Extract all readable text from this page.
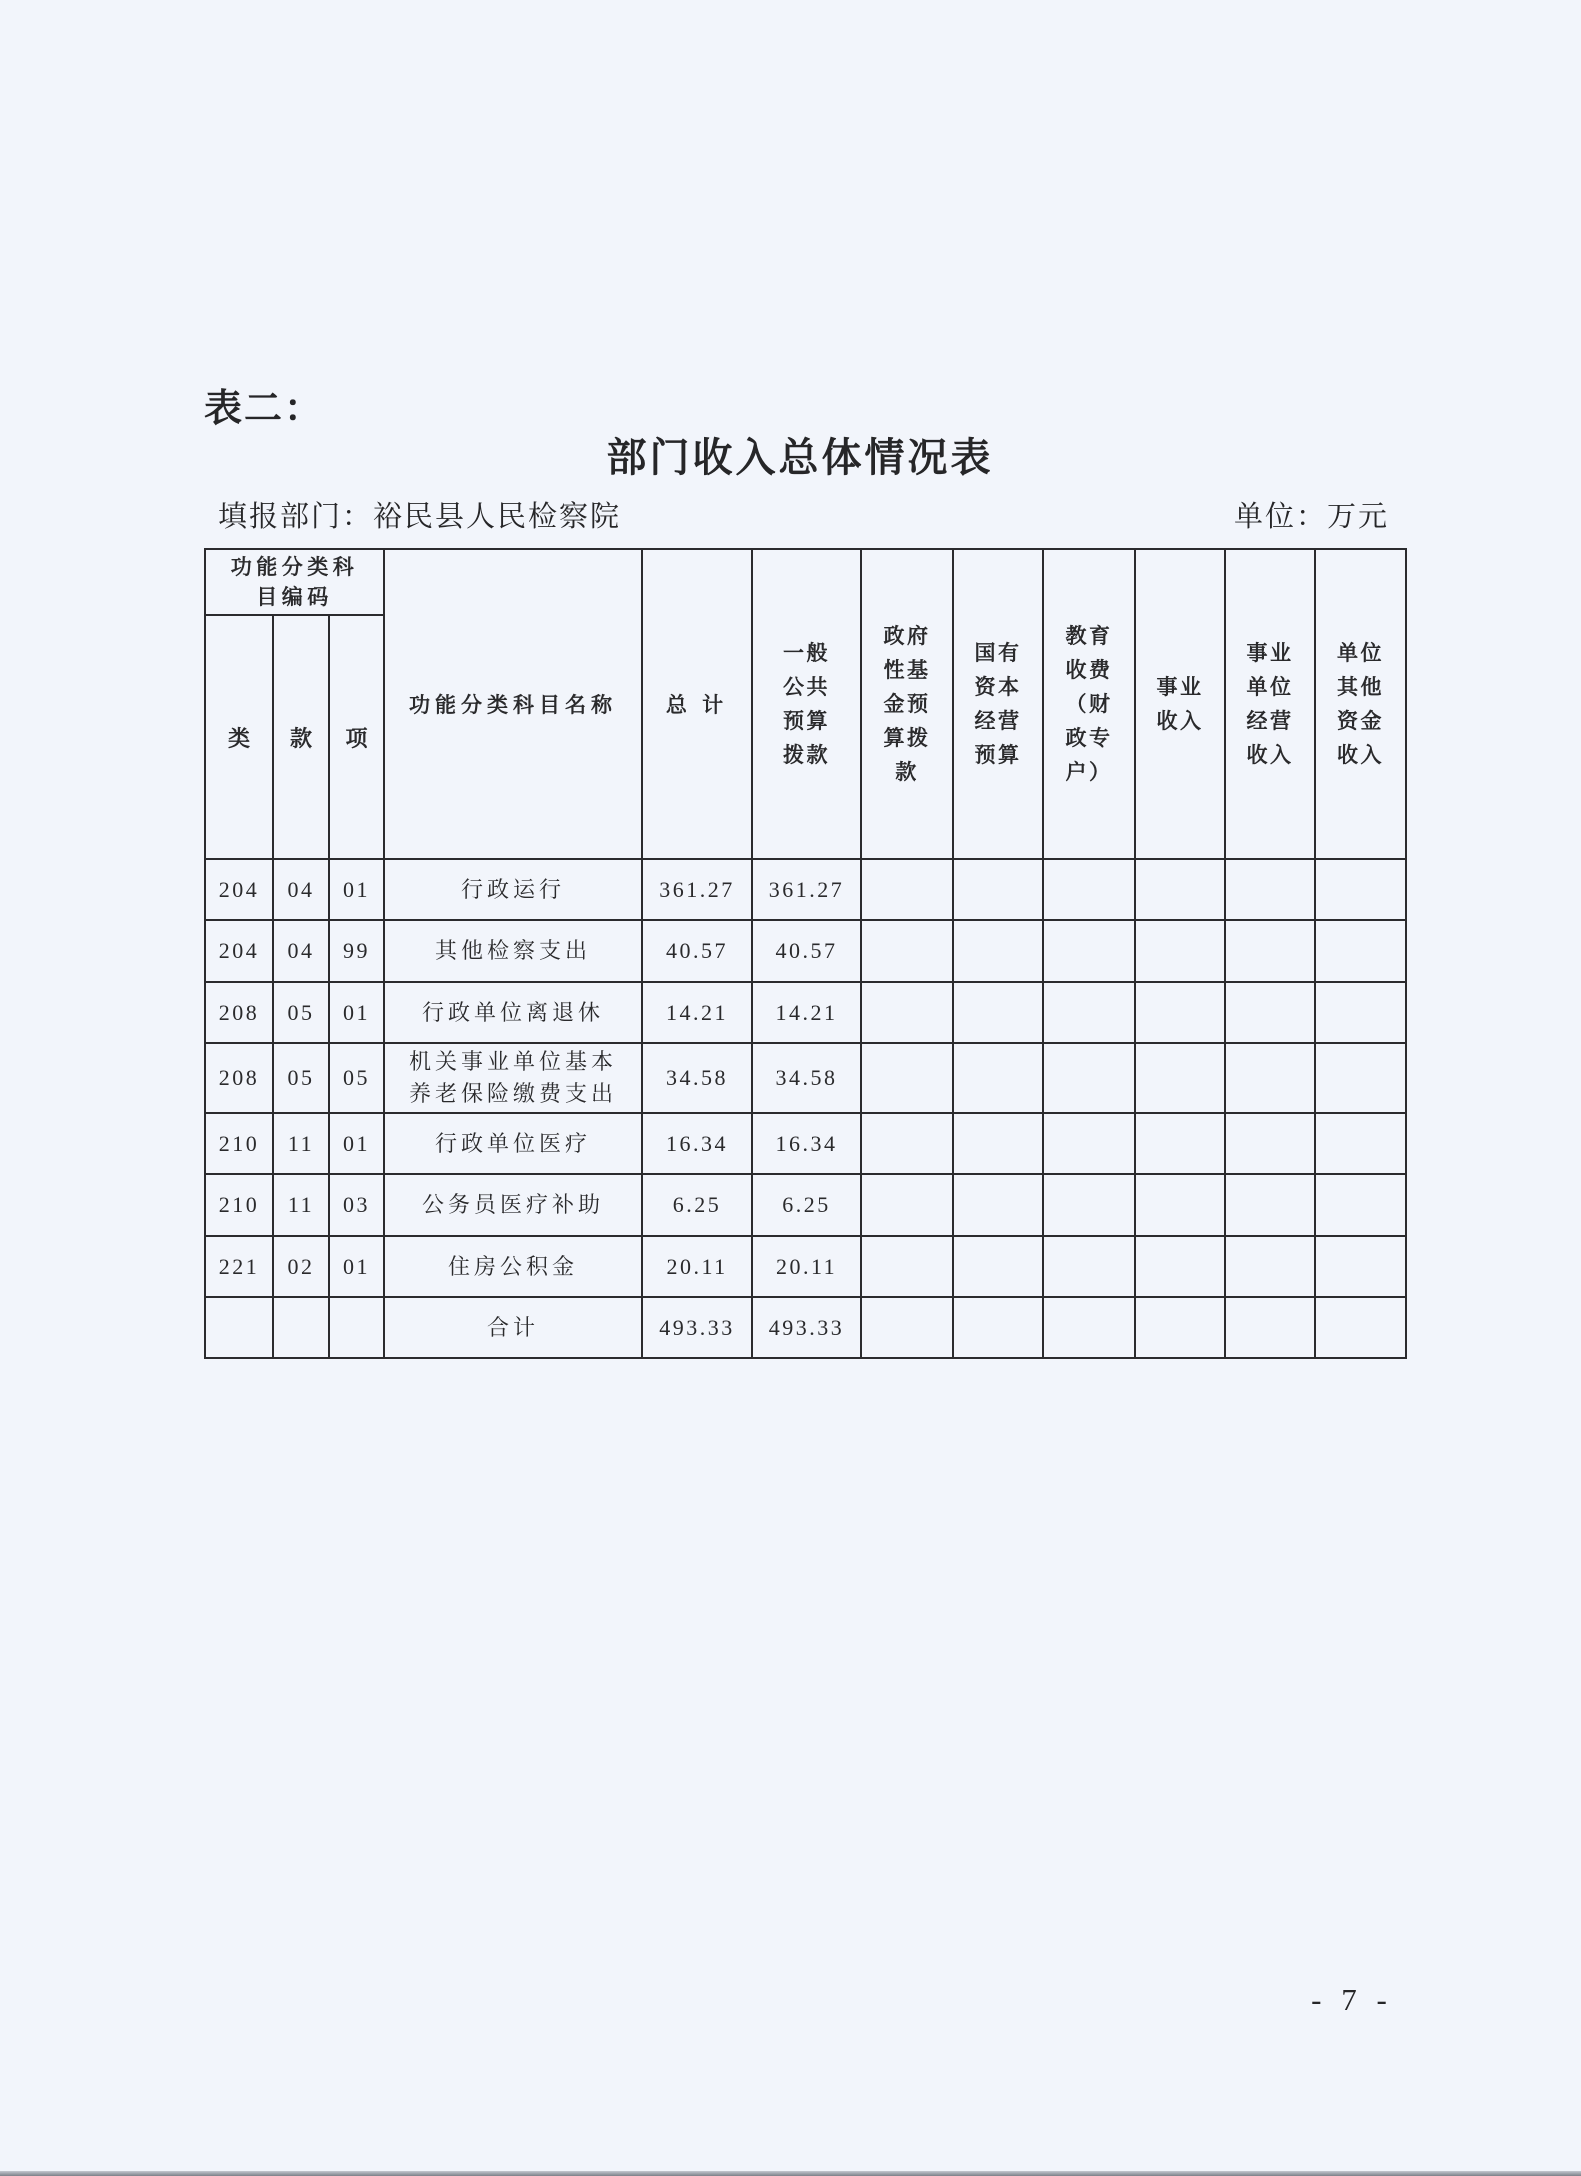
表二：
部门收入总体情况表
填报部门：裕民县人民检察院	单位：万元
功能分类科目编码			功能分类科目名称	总 计	一般公共预算拨款	政府性基金预算拨款	国有资本经营预算	教育收费（财政专户）	事业收入	事业单位经营收入	单位其他资金收入
类	款	项									
204	04	01	行政运行	361.27	361.27						
204	04	99	其他检察支出	40.57	40.57						
208	05	01	行政单位离退休	14.21	14.21						
208	05	05	机关事业单位基本养老保险缴费支出	34.58	34.58						
210	11	01	行政单位医疗	16.34	16.34						
210	11	03	公务员医疗补助	6.25	6.25						
221	02	01	住房公积金	20.11	20.11						
			合计	493.33	493.33						
- 7 -
